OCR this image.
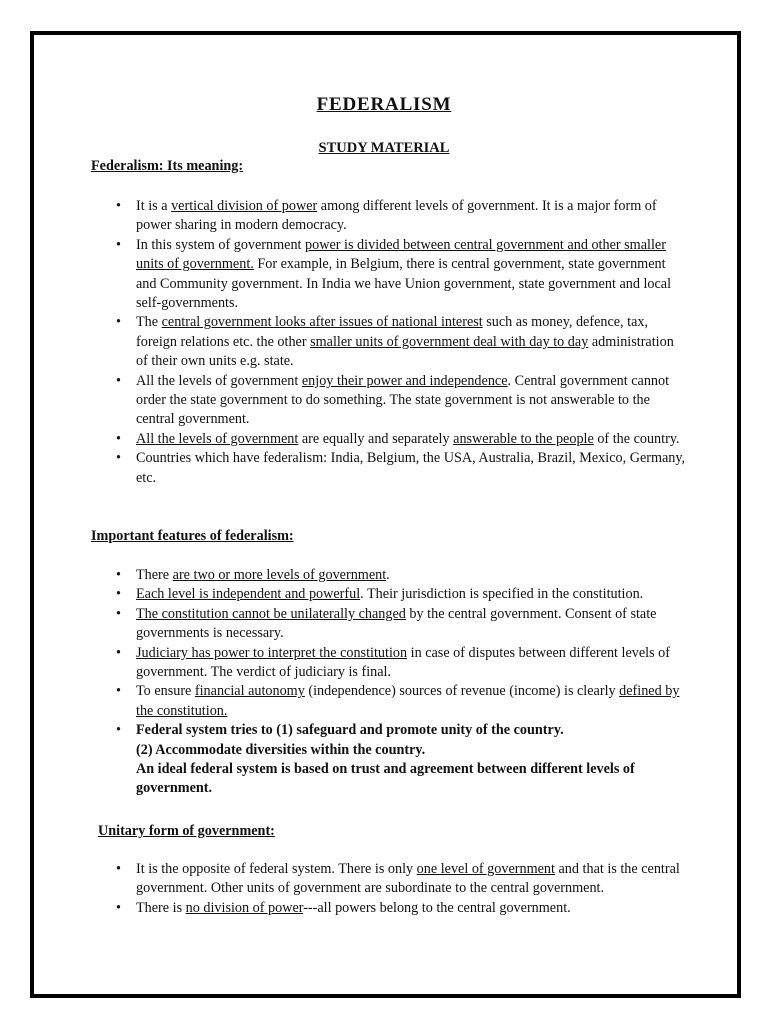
FEDERALISM
STUDY MATERIAL
Federalism: Its meaning:
• It is a vertical division of power among different levels of government. It is a major form of power sharing in modern democracy.
• In this system of government power is divided between central government and other smaller units of government. For example, in Belgium, there is central government, state government and Community government. In India we have Union government, state government and local self-governments.
• The central government looks after issues of national interest such as money, defence, tax, foreign relations etc. the other smaller units of government deal with day to day administration of their own units e.g. state.
• All the levels of government enjoy their power and independence. Central government cannot order the state government to do something. The state government is not answerable to the central government.
• All the levels of government are equally and separately answerable to the people of the country.
• Countries which have federalism: India, Belgium, the USA, Australia, Brazil, Mexico, Germany, etc.
Important features of federalism:
• There are two or more levels of government.
• Each level is independent and powerful. Their jurisdiction is specified in the constitution.
• The constitution cannot be unilaterally changed by the central government. Consent of state governments is necessary.
• Judiciary has power to interpret the constitution in case of disputes between different levels of government. The verdict of judiciary is final.
• To ensure financial autonomy (independence) sources of revenue (income) is clearly defined by the constitution.
• Federal system tries to (1) safeguard and promote unity of the country.
(2) Accommodate diversities within the country.
An ideal federal system is based on trust and agreement between different levels of government.
Unitary form of government:
• It is the opposite of federal system. There is only one level of government and that is the central government. Other units of government are subordinate to the central government.
• There is no division of power---all powers belong to the central government.
